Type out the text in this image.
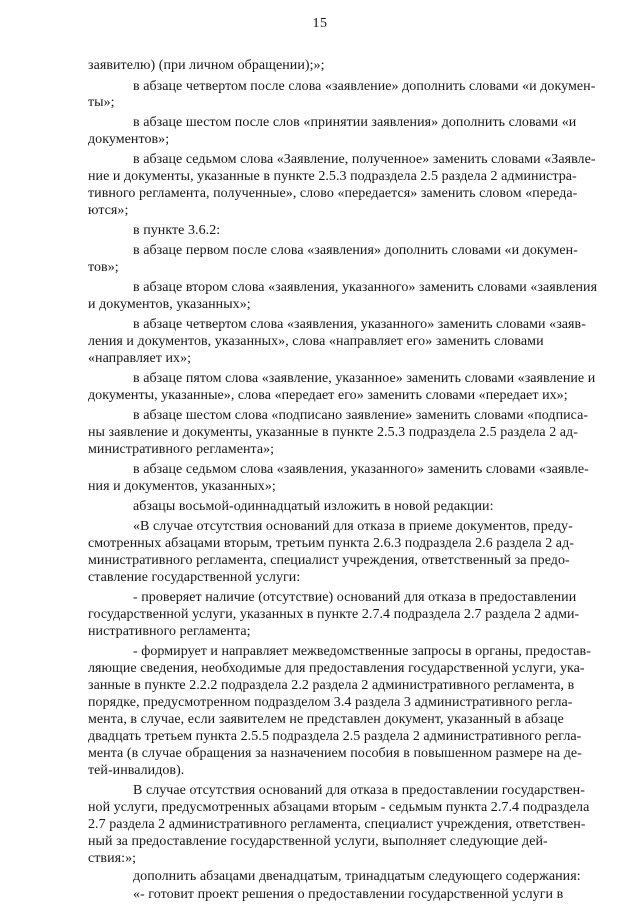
15
заявителю) (при личном обращении);»;
в абзаце четвертом после слова «заявление» дополнить словами «и докумен-
ты»;
в абзаце шестом после слов «принятии заявления» дополнить словами «и
документов»;
в абзаце седьмом слова «Заявление, полученное» заменить словами «Заявле-
ние и документы, указанные в пункте 2.5.3 подраздела 2.5 раздела 2 админиcтра-
тивного регламента, полученные», слово «передается» заменить словом «переда-
ются»;
в пункте 3.6.2:
в абзаце первом после слова «заявления» дополнить словами «и докумен-
тов»;
в абзаце втором слова «заявления, указанного» заменить словами «заявления
и документов, указанных»;
в абзаце четвертом слова «заявления, указанного» заменить словами «заяв-
ления и документов, указанных», слова «направляет его» заменить словами
«направляет их»;
в абзаце пятом слова «заявление, указанное» заменить словами «заявление и
документы, указанные», слова «передает его» заменить словами «передает их»;
в абзаце шестом слова «подписано заявление» заменить словами «подписа-
ны заявление и документы, указанные в пункте 2.5.3 подраздела 2.5 раздела 2 ад-
министративного регламента»;
в абзаце седьмом слова «заявления, указанного» заменить словами «заявле-
ния и документов, указанных»;
абзацы восьмой-одиннадцатый изложить в новой редакции:
«В случае отсутствия оснований для отказа в приеме документов, преду-
смотренных абзацами вторым, третьим пункта 2.6.3 подраздела 2.6 раздела 2 ад-
министративного регламента, специалист учреждения, ответственный за предо-
ставление государственной услуги:
- проверяет наличие (отсутствие) оснований для отказа в предоставлении
государственной услуги, указанных в пункте 2.7.4 подраздела 2.7 раздела 2 адми-
нистративного регламента;
- формирует и направляет межведомственные запросы в органы, предостав-
ляющие сведения, необходимые для предоставления государственной услуги, ука-
занные в пункте 2.2.2 подраздела 2.2 раздела 2 административного регламента, в
порядке, предусмотренном подразделом 3.4 раздела 3 административного регла-
мента, в случае, если заявителем не представлен документ, указанный в абзаце
двадцать третьем пункта 2.5.5 подраздела 2.5 раздела 2 административного регла-
мента (в случае обращения за назначением пособия в повышенном размере на де-
тей-инвалидов).
В случае отсутствия оснований для отказа в предоставлении государствен-
ной услуги, предусмотренных абзацами вторым - седьмым пункта 2.7.4 подраздела
2.7 раздела 2 административного регламента, специалист учреждения, ответствен-
ный за предоставление государственной услуги, выполняет следующие дей-
ствия:»;
дополнить абзацами двенадцатым, тринадцатым следующего содержания:
«- готовит проект решения о предоставлении государственной услуги в
